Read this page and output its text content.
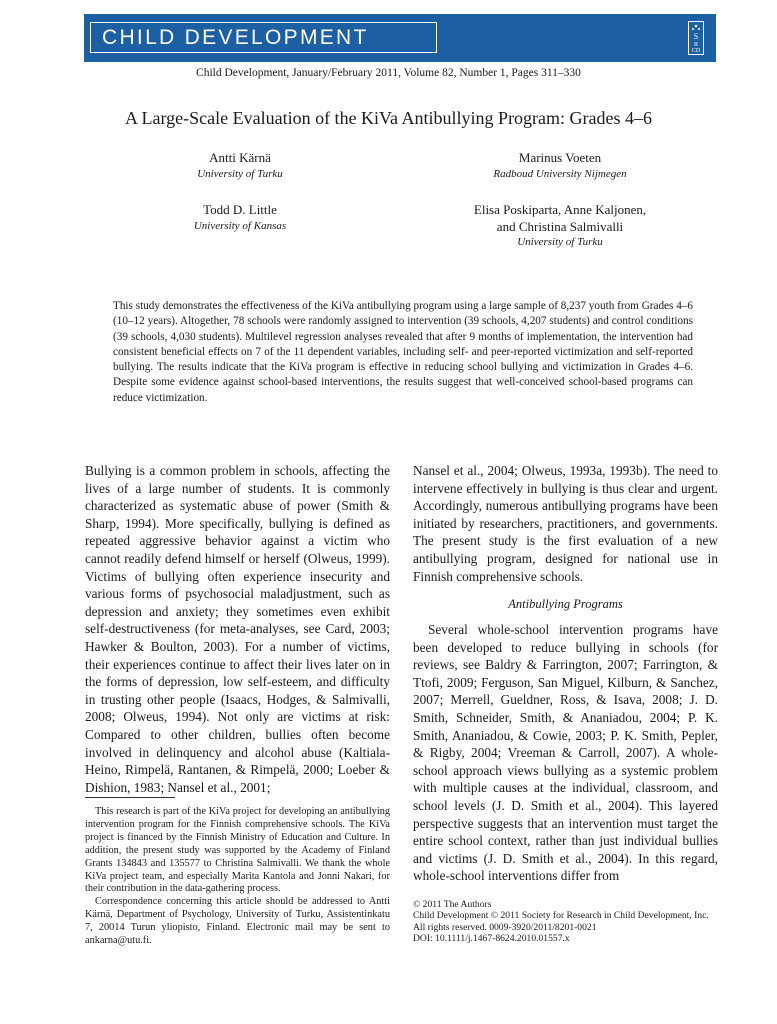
CHILD DEVELOPMENT	S
R
CD
Child Development, January/February 2011, Volume 82, Number 1, Pages 311–330
A Large-Scale Evaluation of the KiVa Antibullying Program: Grades 4–6
Antti Kärnä
University of Turku
Marinus Voeten
Radboud University Nijmegen
Todd D. Little
University of Kansas
Elisa Poskiparta, Anne Kaljonen,
and Christina Salmivalli
University of Turku

This study demonstrates the effectiveness of the KiVa antibullying program using a large sample of 8,237 youth from Grades 4–6 (10–12 years). Altogether, 78 schools were randomly assigned to intervention (39 schools, 4,207 students) and control conditions (39 schools, 4,030 students). Multilevel regression analyses revealed that after 9 months of implementation, the intervention had consistent beneficial effects on 7 of the 11 dependent variables, including self- and peer-reported victimization and self-reported bullying. The results indicate that the KiVa program is effective in reducing school bullying and victimization in Grades 4–6. Despite some evidence against school-based interventions, the results suggest that well-conceived school-based programs can reduce victimization.

Bullying is a common problem in schools, affecting the lives of a large number of students. It is commonly characterized as systematic abuse of power (Smith & Sharp, 1994). More specifically, bullying is defined as repeated aggressive behavior against a victim who cannot readily defend himself or herself (Olweus, 1999). Victims of bullying often experience insecurity and various forms of psychosocial maladjustment, such as depression and anxiety; they sometimes even exhibit self-destructiveness (for meta-analyses, see Card, 2003; Hawker & Boulton, 2003). For a number of victims, their experiences continue to affect their lives later on in the forms of depression, low self-esteem, and difficulty in trusting other people (Isaacs, Hodges, & Salmivalli, 2008; Olweus, 1994). Not only are victims at risk: Compared to other children, bullies often become involved in delinquency and alcohol abuse (Kaltiala-Heino, Rimpelä, Rantanen, & Rimpelä, 2000; Loeber & Dishion, 1983; Nansel et al., 2001;

Nansel et al., 2004; Olweus, 1993a, 1993b). The need to intervene effectively in bullying is thus clear and urgent. Accordingly, numerous antibullying programs have been initiated by researchers, practitioners, and governments. The present study is the first evaluation of a new antibullying program, designed for national use in Finnish comprehensive schools.

Antibullying Programs

Several whole-school intervention programs have been developed to reduce bullying in schools (for reviews, see Baldry & Farrington, 2007; Farrington, & Ttofi, 2009; Ferguson, San Miguel, Kilburn, & Sanchez, 2007; Merrell, Gueldner, Ross, & Isava, 2008; J. D. Smith, Schneider, Smith, & Ananiadou, 2004; P. K. Smith, Ananiadou, & Cowie, 2003; P. K. Smith, Pepler, & Rigby, 2004; Vreeman & Carroll, 2007). A whole-school approach views bullying as a systemic problem with multiple causes at the individual, classroom, and school levels (J. D. Smith et al., 2004). This layered perspective suggests that an intervention must target the entire school context, rather than just individual bullies and victims (J. D. Smith et al., 2004). In this regard, whole-school interventions differ from

This research is part of the KiVa project for developing an antibullying intervention program for the Finnish comprehensive schools. The KiVa project is financed by the Finnish Ministry of Education and Culture. In addition, the present study was supported by the Academy of Finland Grants 134843 and 135577 to Christina Salmivalli. We thank the whole KiVa project team, and especially Marita Kantola and Jonni Nakari, for their contribution in the data-gathering process.

Correspondence concerning this article should be addressed to Antti Kärnä, Department of Psychology, University of Turku, Assistentinkatu 7, 20014 Turun yliopisto, Finland. Electronic mail may be sent to ankarna@utu.fi.

© 2011 The Authors
Child Development © 2011 Society for Research in Child Development, Inc.
All rights reserved. 0009-3920/2011/8201-0021
DOI: 10.1111/j.1467-8624.2010.01557.x
